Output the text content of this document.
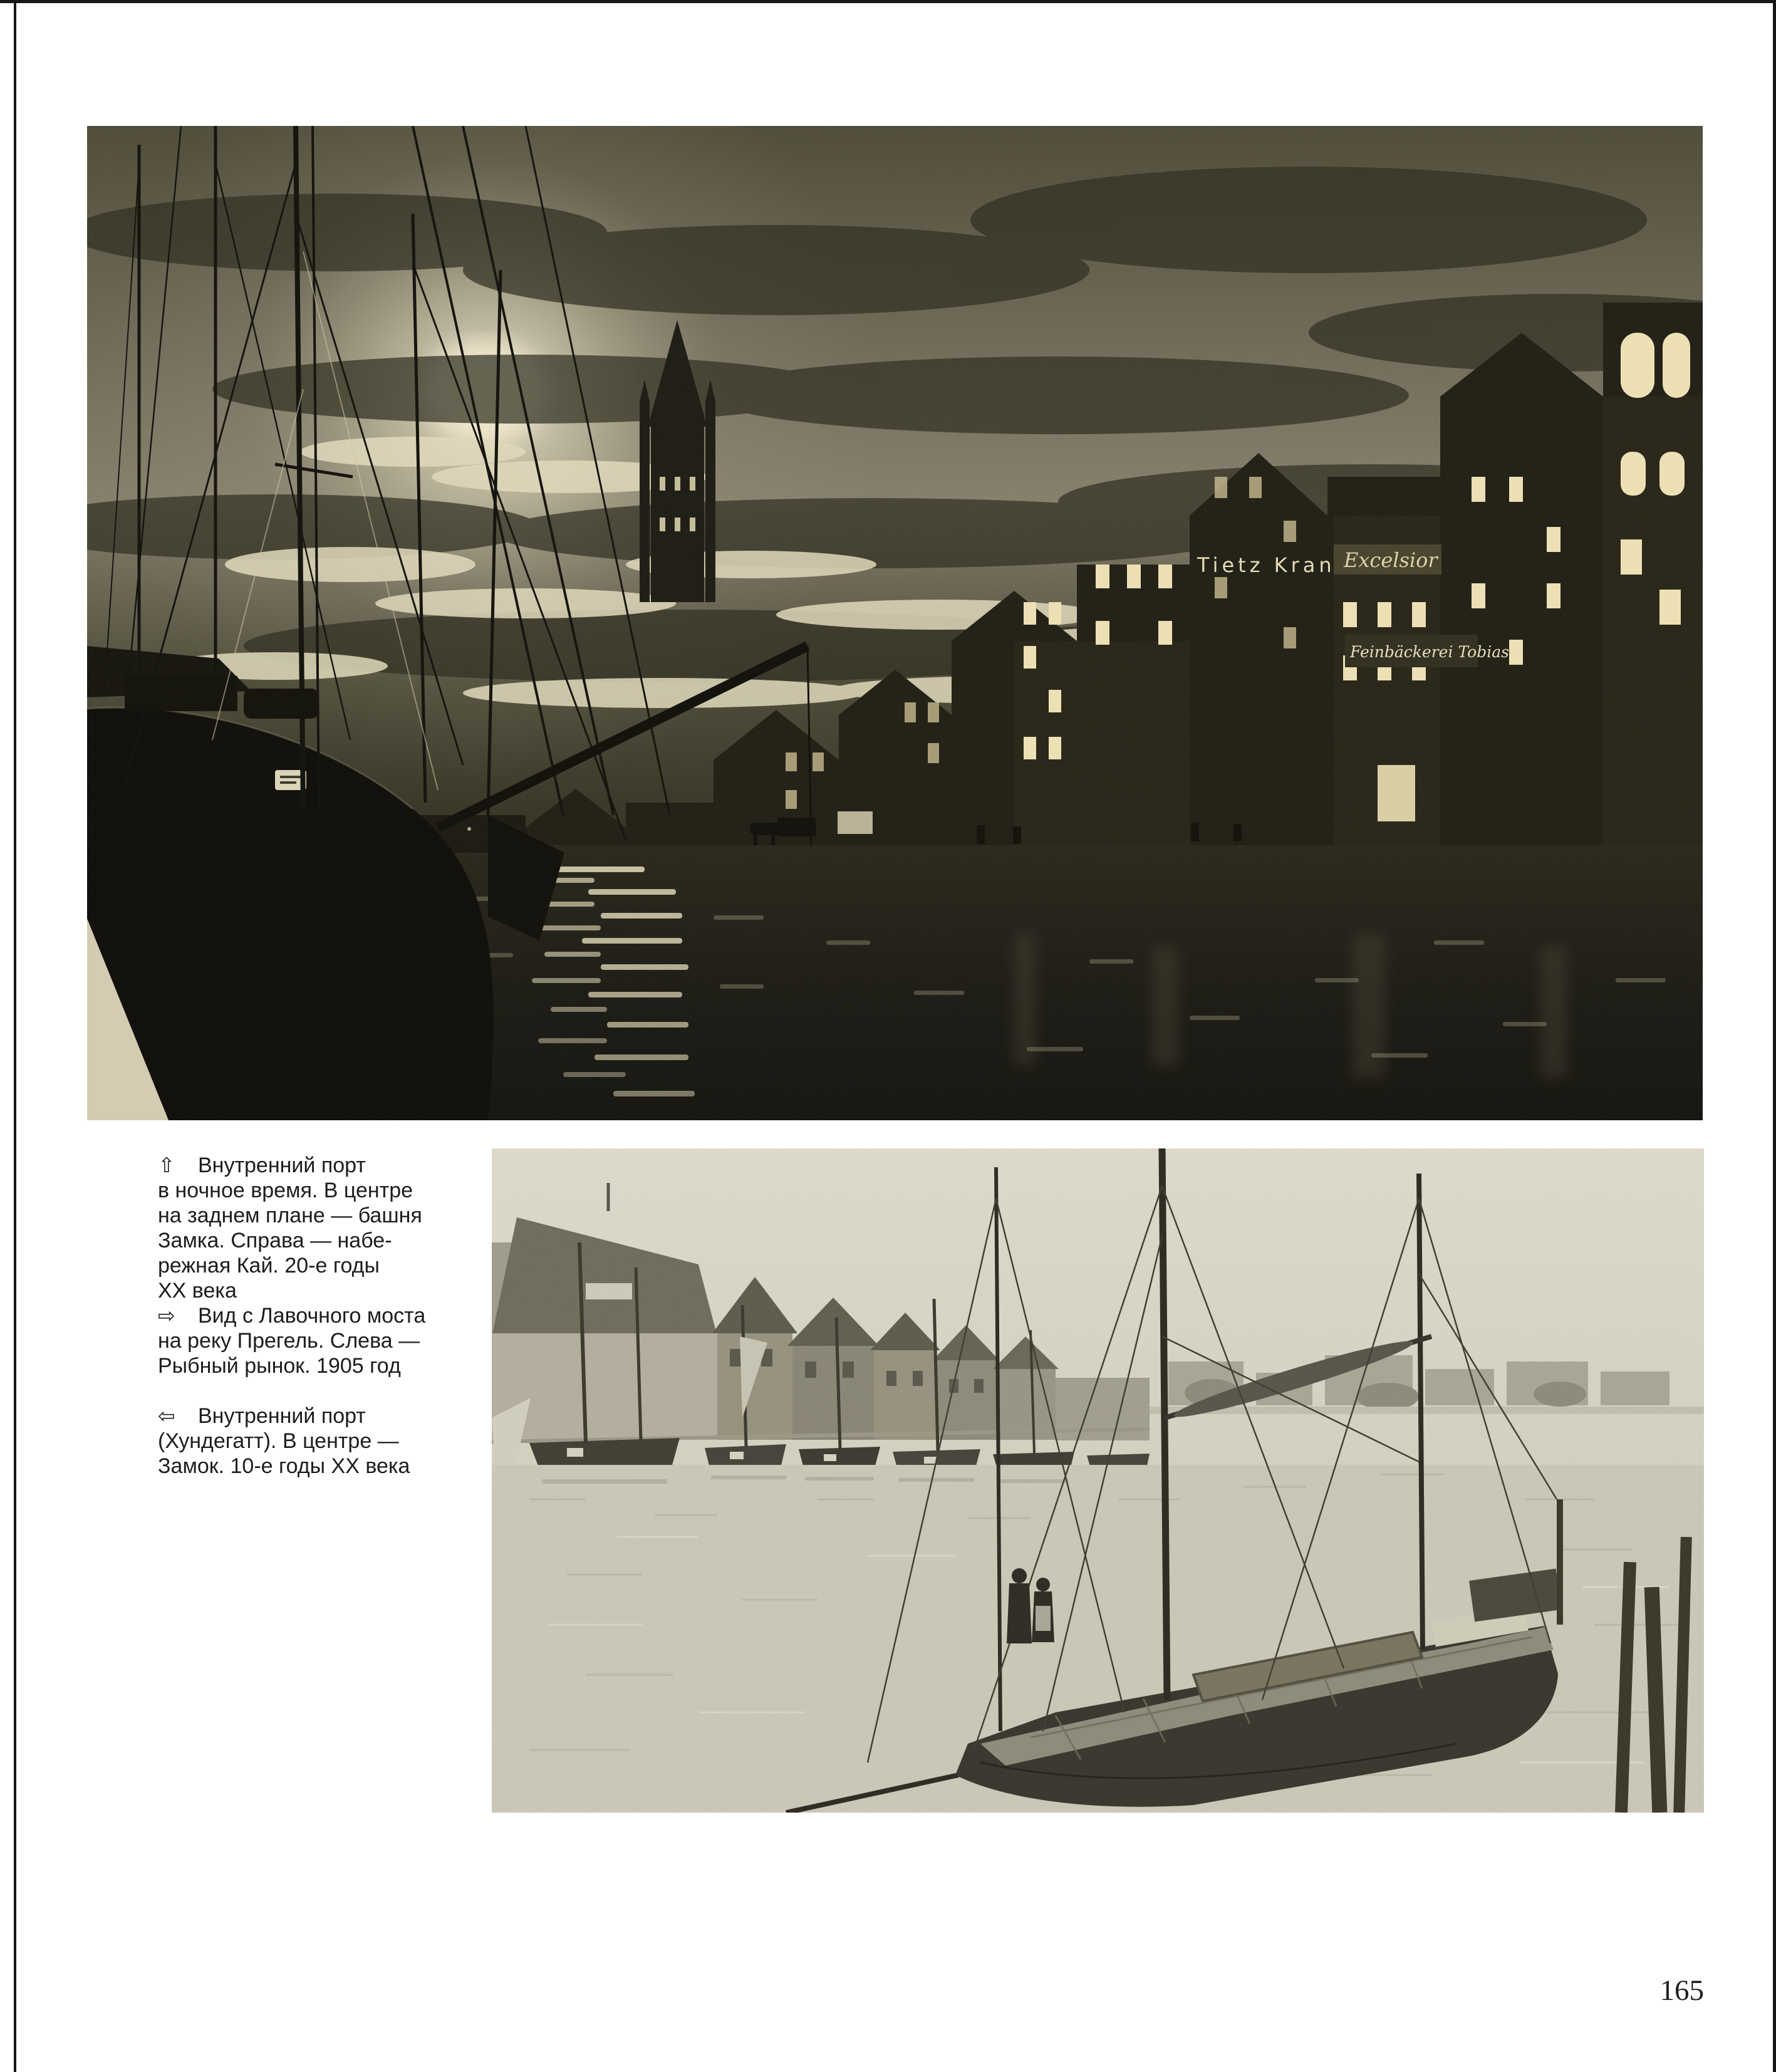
⇧ Внутренний порт
в ночное время. В центре
на заднем плане — башня
Замка. Справа — набе-
режная Кай. 20-е годы
ХХ века
⇨ Вид с Лавочного моста
на реку Прегель. Слева —
Рыбный рынок. 1905 год
⇦ Внутренний порт
(Хундегатт). В центре —
Замок. 10-е годы ХХ века
165
